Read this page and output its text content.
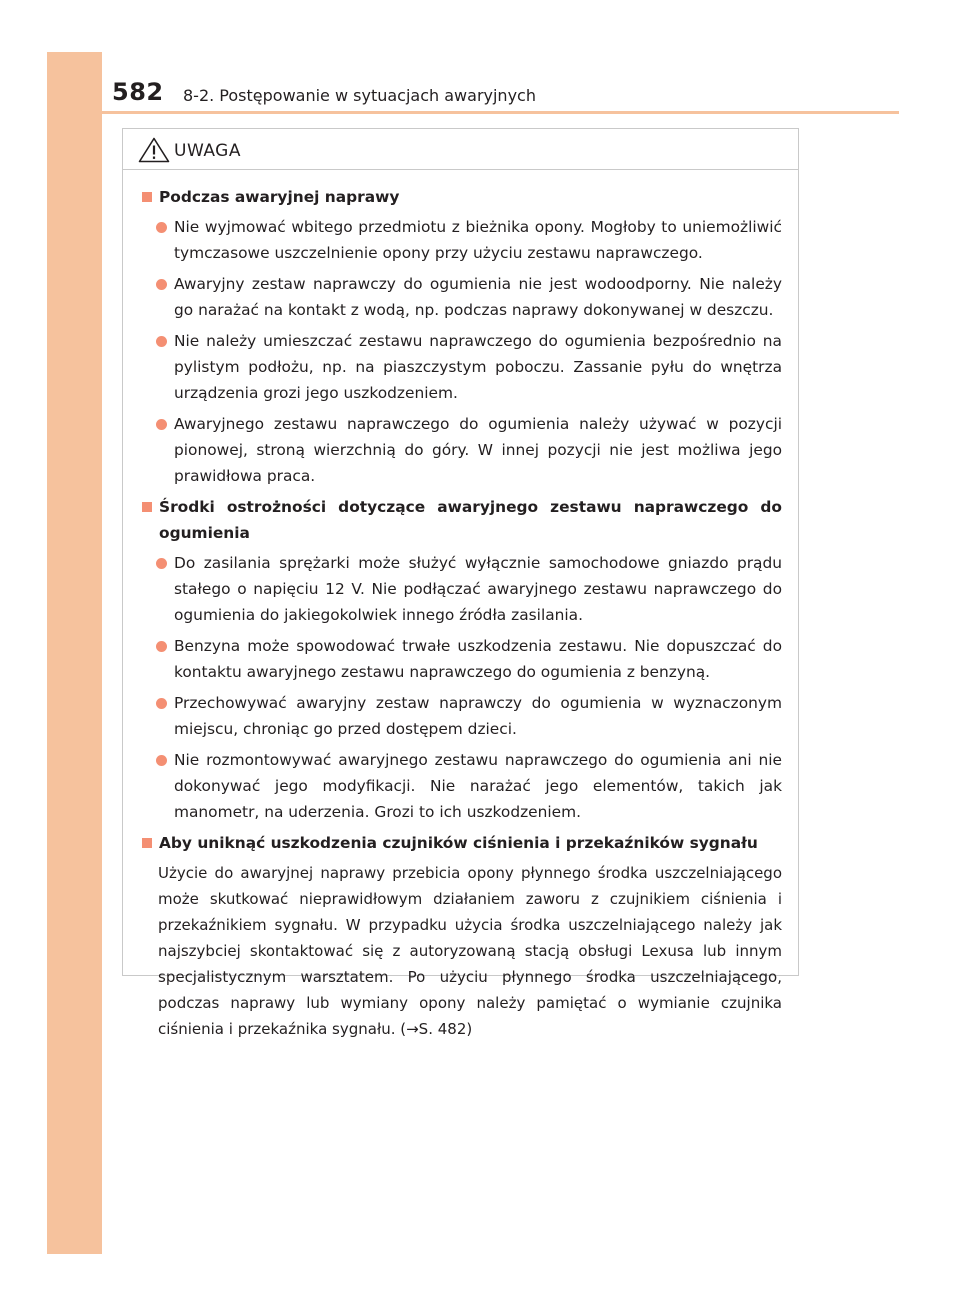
582 8-2. Postępowanie w sytuacjach awaryjnych
UWAGA
Podczas awaryjnej naprawy
Nie wyjmować wbitego przedmiotu z bieżnika opony. Mogłoby to uniemożliwić tymczasowe uszczelnienie opony przy użyciu zestawu naprawczego.
Awaryjny zestaw naprawczy do ogumienia nie jest wodoodporny. Nie należy go narażać na kontakt z wodą, np. podczas naprawy dokonywanej w deszczu.
Nie należy umieszczać zestawu naprawczego do ogumienia bezpośrednio na pylistym podłożu, np. na piaszczystym poboczu. Zassanie pyłu do wnętrza urządzenia grozi jego uszkodzeniem.
Awaryjnego zestawu naprawczego do ogumienia należy używać w pozycji pionowej, stroną wierzchnią do góry. W innej pozycji nie jest możliwa jego prawidłowa praca.
Środki ostrożności dotyczące awaryjnego zestawu naprawczego do ogumienia
Do zasilania sprężarki może służyć wyłącznie samochodowe gniazdo prądu stałego o napięciu 12 V. Nie podłączać awaryjnego zestawu naprawczego do ogumienia do jakiegokolwiek innego źródła zasilania.
Benzyna może spowodować trwałe uszkodzenia zestawu. Nie dopuszczać do kontaktu awaryjnego zestawu naprawczego do ogumienia z benzyną.
Przechowywać awaryjny zestaw naprawczy do ogumienia w wyznaczonym miejscu, chroniąc go przed dostępem dzieci.
Nie rozmontowywać awaryjnego zestawu naprawczego do ogumienia ani nie dokonywać jego modyfikacji. Nie narażać jego elementów, takich jak manometr, na uderzenia. Grozi to ich uszkodzeniem.
Aby uniknąć uszkodzenia czujników ciśnienia i przekaźników sygnału
Użycie do awaryjnej naprawy przebicia opony płynnego środka uszczelniającego może skutkować nieprawidłowym działaniem zaworu z czujnikiem ciśnienia i przekaźnikiem sygnału. W przypadku użycia środka uszczelniającego należy jak najszybciej skontaktować się z autoryzowaną stacją obsługi Lexusa lub innym specjalistycznym warsztatem. Po użyciu płynnego środka uszczelniającego, podczas naprawy lub wymiany opony należy pamiętać o wymianie czujnika ciśnienia i przekaźnika sygnału. (→S. 482)
